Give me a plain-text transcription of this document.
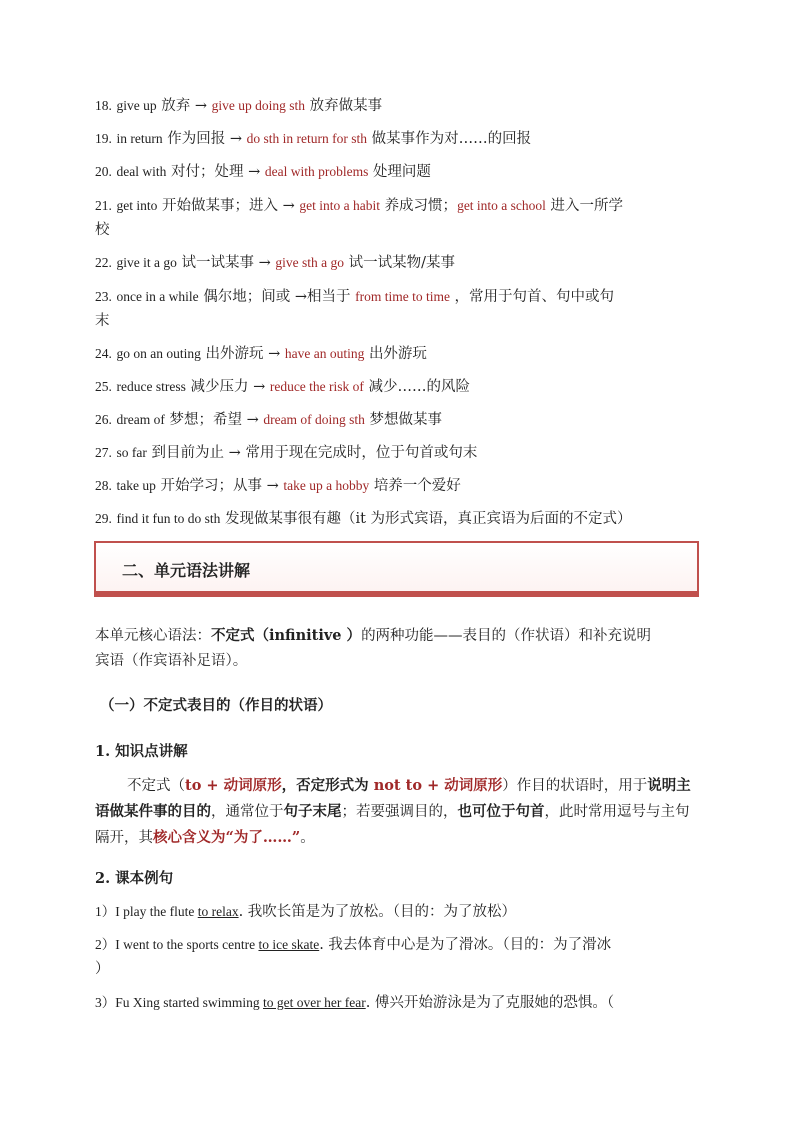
18. give up 放弃 → give up doing sth 放弃做某事
19. in return 作为回报 → do sth in return for sth 做某事作为对……的回报
20. deal with 对付；处理 → deal with problems 处理问题
21. get into 开始做某事；进入 → get into a habit 养成习惯；get into a school 进入一所学
校
22. give it a go 试一试某事 → give sth a go 试一试某物/某事
23. once in a while 偶尔地；间或 →相当于 from time to time ，常用于句首、句中或句
末
24. go on an outing 出外游玩 → have an outing 出外游玩
25. reduce stress 减少压力 → reduce the risk of 减少……的风险
26. dream of 梦想；希望 → dream of doing sth 梦想做某事
27. so far 到目前为止 → 常用于现在完成时，位于句首或句末
28. take up 开始学习；从事 → take up a hobby 培养一个爱好
29. find it fun to do sth 发现做某事很有趣（it 为形式宾语，真正宾语为后面的不定式）
二、单元语法讲解
本单元核心语法：不定式（infinitive ）的两种功能——表目的（作状语）和补充说明
宾语（作宾语补足语）。
（一）不定式表目的（作目的状语）
1. 知识点讲解
不定式（to + 动词原形，否定形式为 not to + 动词原形）作目的状语时，用于说明主语做某件事的目的，通常位于句子末尾；若要强调目的，也可位于句首，此时常用逗号与主句隔开，其核心含义为“为了……”。
2. 课本例句
1）I play the flute to relax. 我吹长笛是为了放松。（目的：为了放松）
2）I went to the sports centre to ice skate. 我去体育中心是为了滑冰。（目的：为了滑冰
）
3）Fu Xing started swimming to get over her fear. 傅兴开始游泳是为了克服她的恐惧。（
